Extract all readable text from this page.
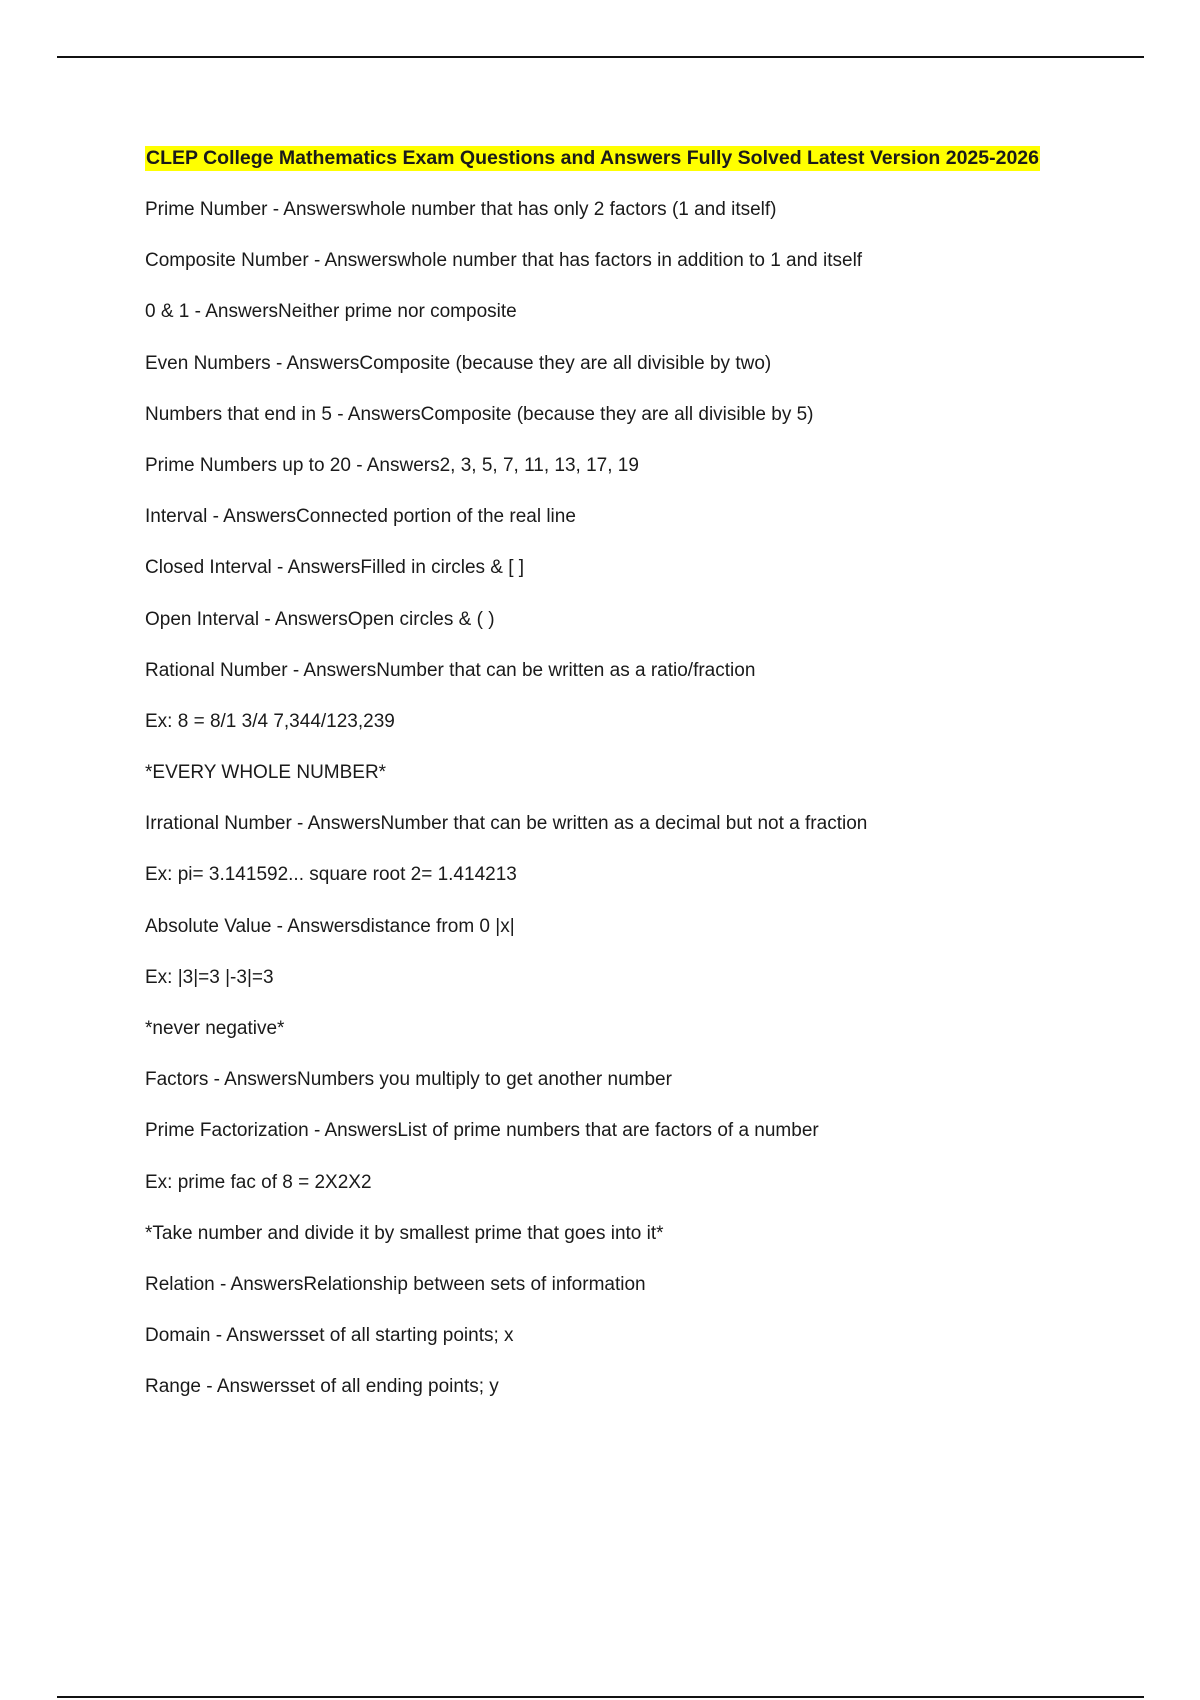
CLEP College Mathematics Exam Questions and Answers Fully Solved Latest Version 2025-2026
Prime Number - Answerswhole number that has only 2 factors (1 and itself)
Composite Number - Answerswhole number that has factors in addition to 1 and itself
0 & 1 - AnswersNeither prime nor composite
Even Numbers - AnswersComposite (because they are all divisible by two)
Numbers that end in 5 - AnswersComposite (because they are all divisible by 5)
Prime Numbers up to 20 - Answers2, 3, 5, 7, 11, 13, 17, 19
Interval - AnswersConnected portion of the real line
Closed Interval - AnswersFilled in circles & [ ]
Open Interval - AnswersOpen circles & ( )
Rational Number - AnswersNumber that can be written as a ratio/fraction
Ex: 8 = 8/1 3/4 7,344/123,239
*EVERY WHOLE NUMBER*
Irrational Number - AnswersNumber that can be written as a decimal but not a fraction
Ex: pi= 3.141592... square root 2= 1.414213
Absolute Value - Answersdistance from 0 |x|
Ex: |3|=3 |-3|=3
*never negative*
Factors - AnswersNumbers you multiply to get another number
Prime Factorization - AnswersList of prime numbers that are factors of a number
Ex: prime fac of 8 = 2X2X2
*Take number and divide it by smallest prime that goes into it*
Relation - AnswersRelationship between sets of information
Domain - Answersset of all starting points; x
Range - Answersset of all ending points; y
